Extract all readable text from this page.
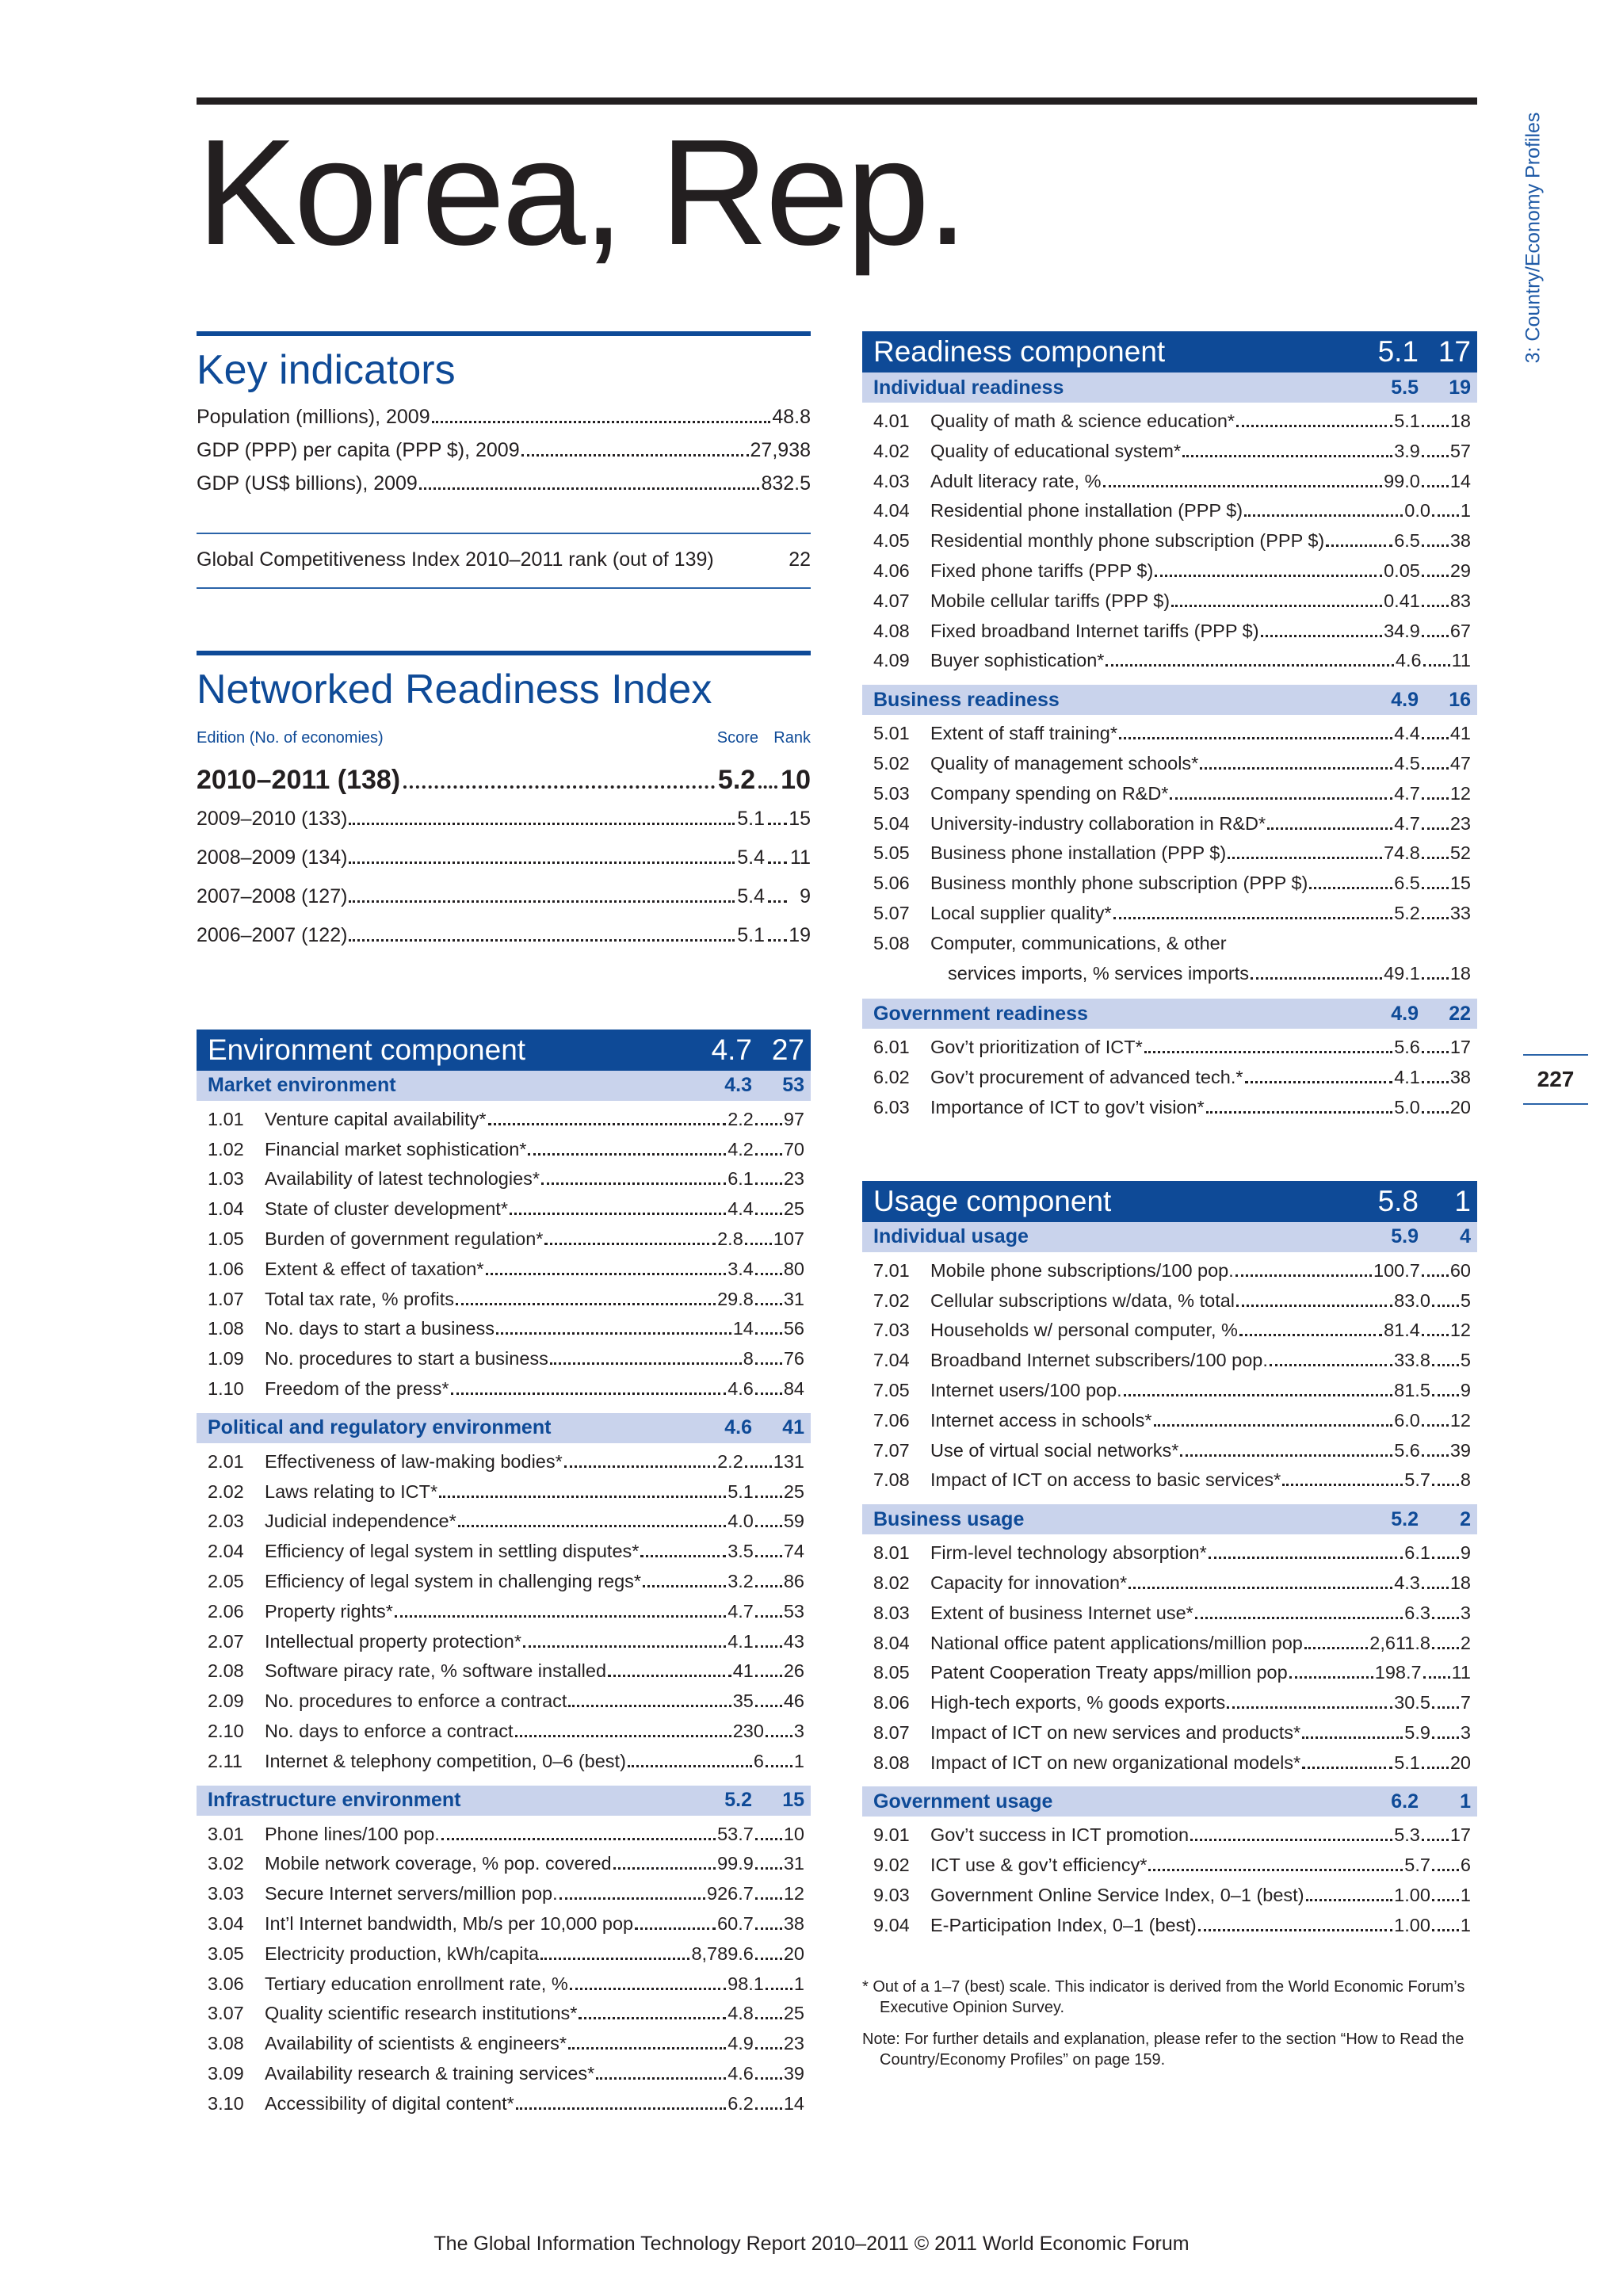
Korea, Rep.	3: Country/Economy Profiles
227
Key indicators
Population (millions), 2009	48.8
GDP (PPP) per capita (PPP $), 2009	27,938
GDP (US$ billions), 2009	832.5
Global Competitiveness Index 2010–2011 rank (out of 139)	22
Networked Readiness Index
Edition (No. of economies)	Score Rank
2010–2011 (138)	5.2 10
2009–2010 (133)	5.1 15
2008–2009 (134)	5.4 11
2007–2008 (127)	5.4	9
2006–2007 (122)	5.1 19
Environment component	4.7 27
Market environment	4.3	53
1.01	Venture capital availability*	2.2 97
1.02	Financial market sophistication*	4.2 70
1.03	Availability of latest technologies*	6.1 23
1.04	State of cluster development*	4.4 25
1.05	Burden of government regulation*	2.8 107
1.06	Extent & effect of taxation*	3.4 80
1.07	Total tax rate, % profits	29.8 31
1.08	No. days to start a business	14 56
1.09	No. procedures to start a business	8 76
1.10	Freedom of the press*	4.6 84
Political and regulatory environment	4.6	41
2.01	Effectiveness of law-making bodies*	2.2 131
2.02	Laws relating to ICT*	5.1 25
2.03	Judicial independence*	4.0 59
2.04	Efficiency of legal system in settling disputes*	3.5 74
2.05	Efficiency of legal system in challenging regs*	3.2 86
2.06	Property rights*	4.7 53
2.07	Intellectual property protection*	4.1 43
2.08	Software piracy rate, % software installed	41 26
2.09	No. procedures to enforce a contract	35 46
2.10	No. days to enforce a contract	230 3
2.11	Internet & telephony competition, 0–6 (best)	6 1
Infrastructure environment	5.2	15
3.01	Phone lines/100 pop.	53.7 10
3.02	Mobile network coverage, % pop. covered	99.9 31
3.03	Secure Internet servers/million pop.	926.7 12
3.04	Int’l Internet bandwidth, Mb/s per 10,000 pop	60.7 38
3.05	Electricity production, kWh/capita	8,789.6 20
3.06	Tertiary education enrollment rate, %	98.1 1
3.07	Quality scientific research institutions*	4.8 25
3.08	Availability of scientists & engineers*	4.9 23
3.09	Availability research & training services*	4.6 39
3.10	Accessibility of digital content*	6.2 14
Readiness component	5.1 17
Individual readiness	5.5	19
4.01	Quality of math & science education*	5.1 18
4.02	Quality of educational system*	3.9 57
4.03	Adult literacy rate, %	99.0 14
4.04	Residential phone installation (PPP $)	0.0 1
4.05	Residential monthly phone subscription (PPP $)	6.5 38
4.06	Fixed phone tariffs (PPP $)	0.05 29
4.07	Mobile cellular tariffs (PPP $)	0.41 83
4.08	Fixed broadband Internet tariffs (PPP $)	34.9 67
4.09	Buyer sophistication*	4.6 11
Business readiness	4.9	16
5.01	Extent of staff training*	4.4 41
5.02	Quality of management schools*	4.5 47
5.03	Company spending on R&D*	4.7 12
5.04	University-industry collaboration in R&D*	4.7 23
5.05	Business phone installation (PPP $)	74.8 52
5.06	Business monthly phone subscription (PPP $)	6.5 15
5.07	Local supplier quality*	5.2 33
5.08	Computer, communications, & other
services imports, % services imports	49.1 18
Government readiness	4.9	22
6.01	Gov’t prioritization of ICT*	5.6 17
6.02	Gov’t procurement of advanced tech.*	4.1 38
6.03	Importance of ICT to gov’t vision*	5.0 20
Usage component	5.8	1
Individual usage	5.9	4
7.01	Mobile phone subscriptions/100 pop.	100.7 60
7.02	Cellular subscriptions w/data, % total	83.0 5
7.03	Households w/ personal computer, %	81.4 12
7.04	Broadband Internet subscribers/100 pop.	33.8 5
7.05	Internet users/100 pop.	81.5 9
7.06	Internet access in schools*	6.0 12
7.07	Use of virtual social networks*	5.6 39
7.08	Impact of ICT on access to basic services*	5.7 8
Business usage	5.2	2
8.01	Firm-level technology absorption*	6.1 9
8.02	Capacity for innovation*	4.3 18
8.03	Extent of business Internet use*	6.3 3
8.04	National office patent applications/million pop	2,611.8 2
8.05	Patent Cooperation Treaty apps/million pop	198.7 11
8.06	High-tech exports, % goods exports	30.5 7
8.07	Impact of ICT on new services and products*	5.9 3
8.08	Impact of ICT on new organizational models*	5.1 20
Government usage	6.2	1
9.01	Gov’t success in ICT promotion	5.3 17
9.02	ICT use & gov’t efficiency*	5.7 6
9.03	Government Online Service Index, 0–1 (best)	1.00 1
9.04	E-Participation Index, 0–1 (best)	1.00 1

* Out of a 1–7 (best) scale. This indicator is derived from the World Economic Forum’s Executive Opinion Survey.

Note: For further details and explanation, please refer to the section “How to Read the Country/Economy Profiles” on page 159.

The Global Information Technology Report 2010–2011 © 2011 World Economic Forum
